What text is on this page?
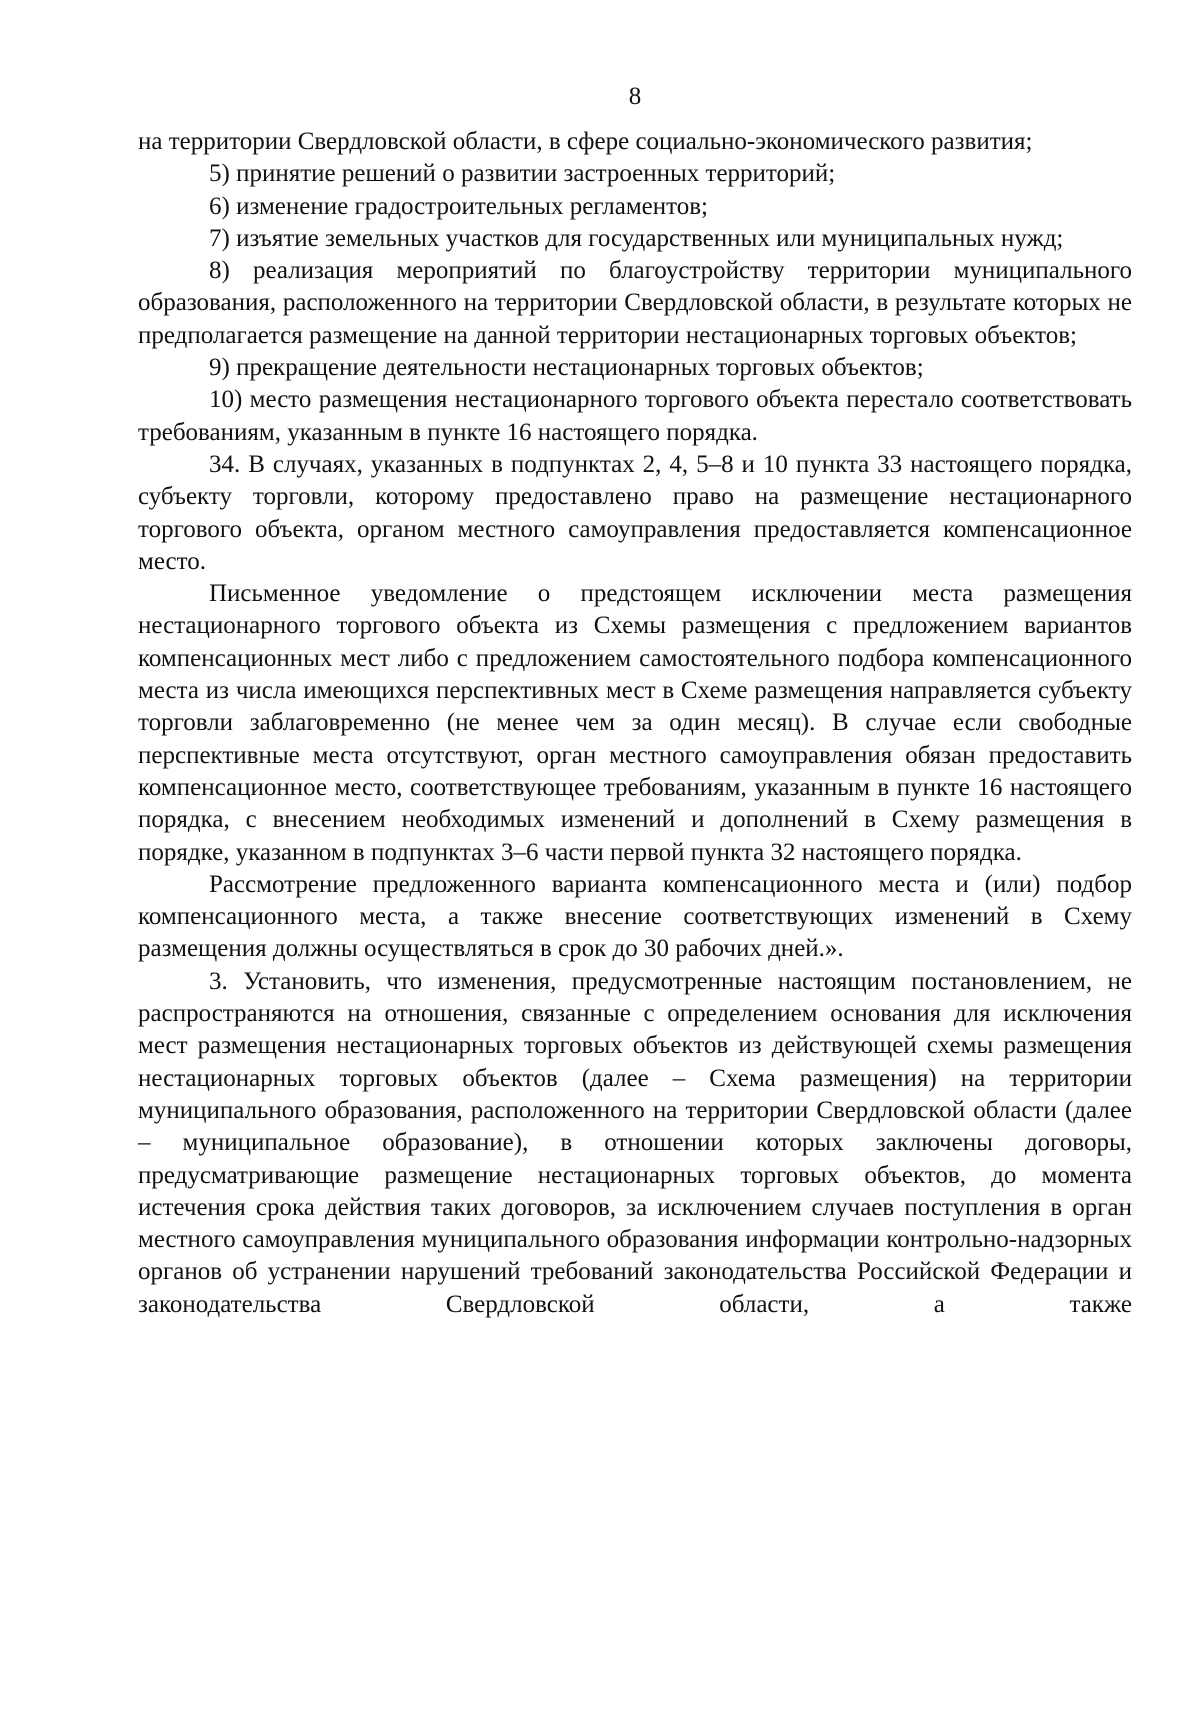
8

на территории Свердловской области, в сфере социально-экономического развития;

5) принятие решений о развитии застроенных территорий;

6) изменение градостроительных регламентов;

7) изъятие земельных участков для государственных или муниципальных нужд;

8) реализация мероприятий по благоустройству территории муниципального образования, расположенного на территории Свердловской области, в результате которых не предполагается размещение на данной территории нестационарных торговых объектов;

9) прекращение деятельности нестационарных торговых объектов;

10) место размещения нестационарного торгового объекта перестало соответствовать требованиям, указанным в пункте 16 настоящего порядка.

34. В случаях, указанных в подпунктах 2, 4, 5–8 и 10 пункта 33 настоящего порядка, субъекту торговли, которому предоставлено право на размещение нестационарного торгового объекта, органом местного самоуправления предоставляется компенсационное место.

Письменное уведомление о предстоящем исключении места размещения нестационарного торгового объекта из Схемы размещения с предложением вариантов компенсационных мест либо с предложением самостоятельного подбора компенсационного места из числа имеющихся перспективных мест в Схеме размещения направляется субъекту торговли заблаговременно (не менее чем за один месяц). В случае если свободные перспективные места отсутствуют, орган местного самоуправления обязан предоставить компенсационное место, соответствующее требованиям, указанным в пункте 16 настоящего порядка, с внесением необходимых изменений и дополнений в Схему размещения в порядке, указанном в подпунктах 3–6 части первой пункта 32 настоящего порядка.

Рассмотрение предложенного варианта компенсационного места и (или) подбор компенсационного места, а также внесение соответствующих изменений в Схему размещения должны осуществляться в срок до 30 рабочих дней.».

3. Установить, что изменения, предусмотренные настоящим постановлением, не распространяются на отношения, связанные с определением основания для исключения мест размещения нестационарных торговых объектов из действующей схемы размещения нестационарных торговых объектов (далее – Схема размещения) на территории муниципального образования, расположенного на территории Свердловской области (далее – муниципальное образование), в отношении которых заключены договоры, предусматривающие размещение нестационарных торговых объектов, до момента истечения срока действия таких договоров, за исключением случаев поступления в орган местного самоуправления муниципального образования информации контрольно-надзорных органов об устранении нарушений требований законодательства Российской Федерации и законодательства Свердловской области, а также
